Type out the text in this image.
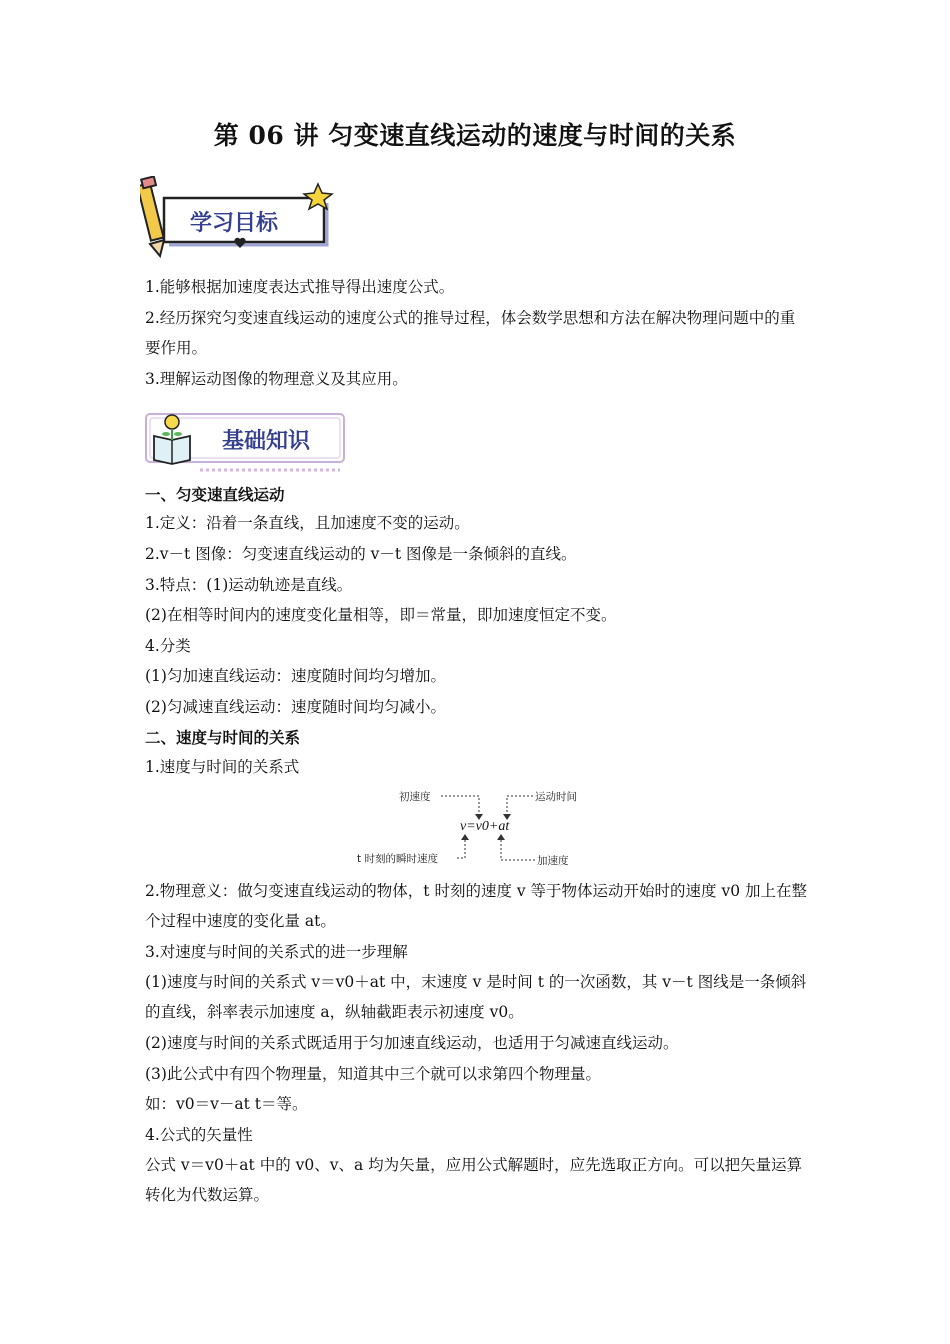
第 06 讲 匀变速直线运动的速度与时间的关系
学习目标
1.能够根据加速度表达式推导得出速度公式。
2.经历探究匀变速直线运动的速度公式的推导过程，体会数学思想和方法在解决物理问题中的重要作用。
3.理解运动图像的物理意义及其应用。
基础知识
一、匀变速直线运动
1.定义：沿着一条直线，且加速度不变的运动。
2.v－t 图像：匀变速直线运动的 v－t 图像是一条倾斜的直线。
3.特点：(1)运动轨迹是直线。
(2)在相等时间内的速度变化量相等，即＝常量，即加速度恒定不变。
4.分类
(1)匀加速直线运动：速度随时间均匀增加。
(2)匀减速直线运动：速度随时间均匀减小。
二、速度与时间的关系
1.速度与时间的关系式
初速度	运动时间
v=v0+at
t 时刻的瞬时速度	加速度
2.物理意义：做匀变速直线运动的物体，t 时刻的速度 v 等于物体运动开始时的速度 v0 加上在整个过程中速度的变化量 at。
3.对速度与时间的关系式的进一步理解
(1)速度与时间的关系式 v＝v0＋at 中，末速度 v 是时间 t 的一次函数，其 v－t 图线是一条倾斜的直线，斜率表示加速度 a，纵轴截距表示初速度 v0。
(2)速度与时间的关系式既适用于匀加速直线运动，也适用于匀减速直线运动。
(3)此公式中有四个物理量，知道其中三个就可以求第四个物理量。
如：v0＝v－at t＝等。
4.公式的矢量性
公式 v＝v0＋at 中的 v0、v、a 均为矢量，应用公式解题时，应先选取正方向。可以把矢量运算转化为代数运算。
